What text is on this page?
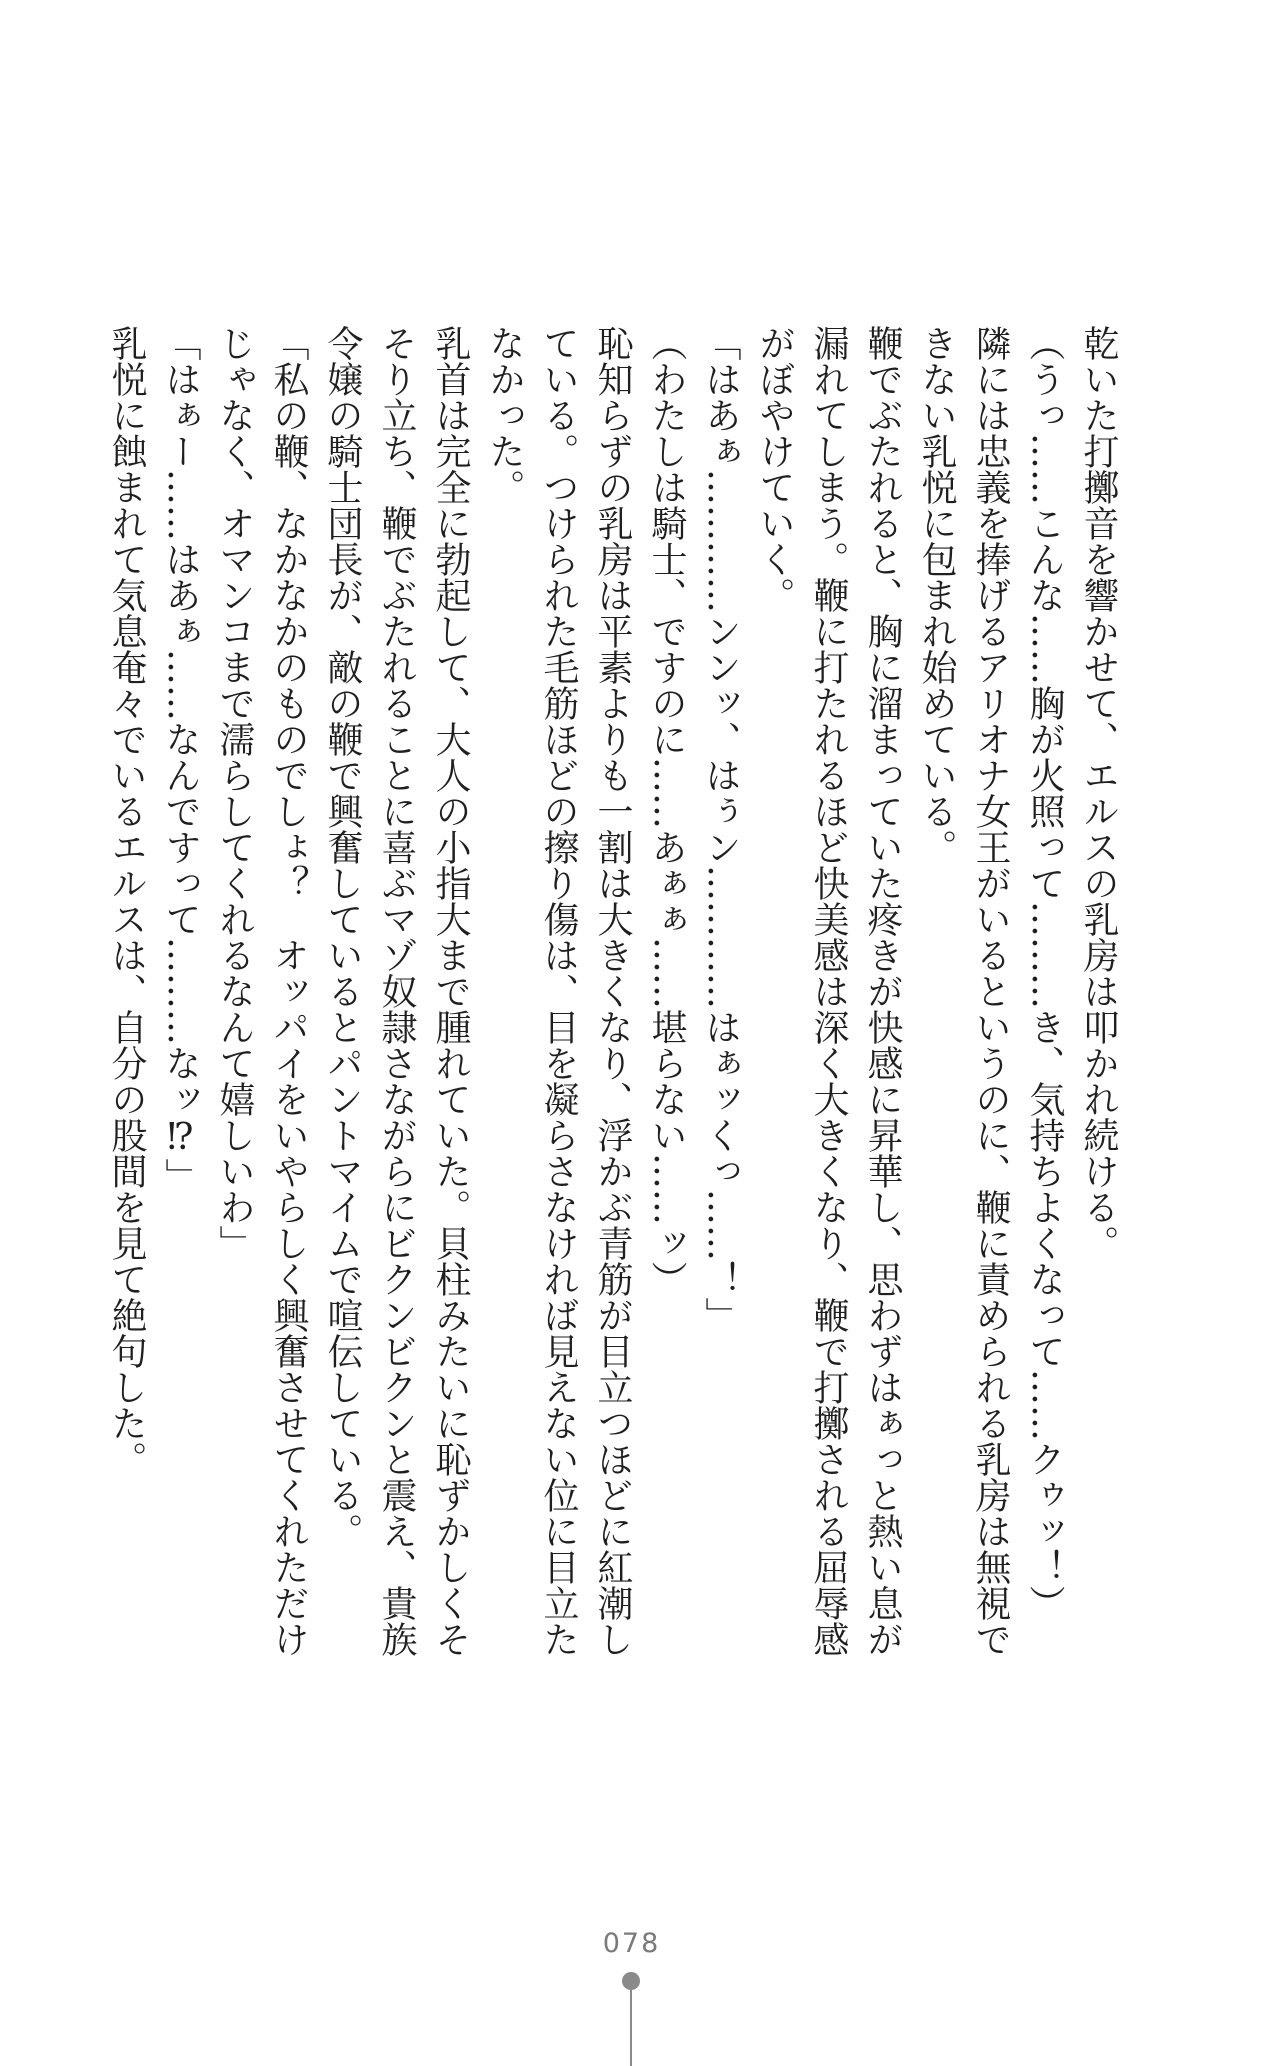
乾いた打擲音を響かせて、エルスの乳房は叩かれ続ける。

（うっ……こんな……胸が火照って………き、気持ちよくなって……クゥッ！）

隣には忠義を捧げるアリオナ女王がいるというのに、鞭に責められる乳房は無視できない乳悦に包まれ始めている。

鞭でぶたれると、胸に溜まっていた疼きが快感に昇華し、思わずはぁっと熱い息が漏れてしまう。鞭に打たれるほど快美感は深く大きくなり、鞭で打擲される屈辱感がぼやけていく。

「はあぁ…………ンンッ、はぅン…………はぁッくっ……！」

（わたしは騎士、ですのに……あぁぁ……堪らない……ッ）

恥知らずの乳房は平素よりも一割は大きくなり、浮かぶ青筋が目立つほどに紅潮している。つけられた毛筋ほどの擦り傷は、目を凝らさなければ見えない位に目立たなかった。

乳首は完全に勃起して、大人の小指大まで腫れていた。貝柱みたいに恥ずかしくそそり立ち、鞭でぶたれることに喜ぶマゾ奴隷さながらにビクンビクンと震え、貴族令嬢の騎士団長が、敵の鞭で興奮しているとパントマイムで喧伝している。

「私の鞭、なかなかのものでしょ？　オッパイをいやらしく興奮させてくれただけじゃなく、オマンコまで濡らしてくれるなんて嬉しいわ」

「はぁー……はあぁ……なんですって………なッ⁉」

乳悦に蝕まれて気息奄々でいるエルスは、自分の股間を見て絶句した。

078
